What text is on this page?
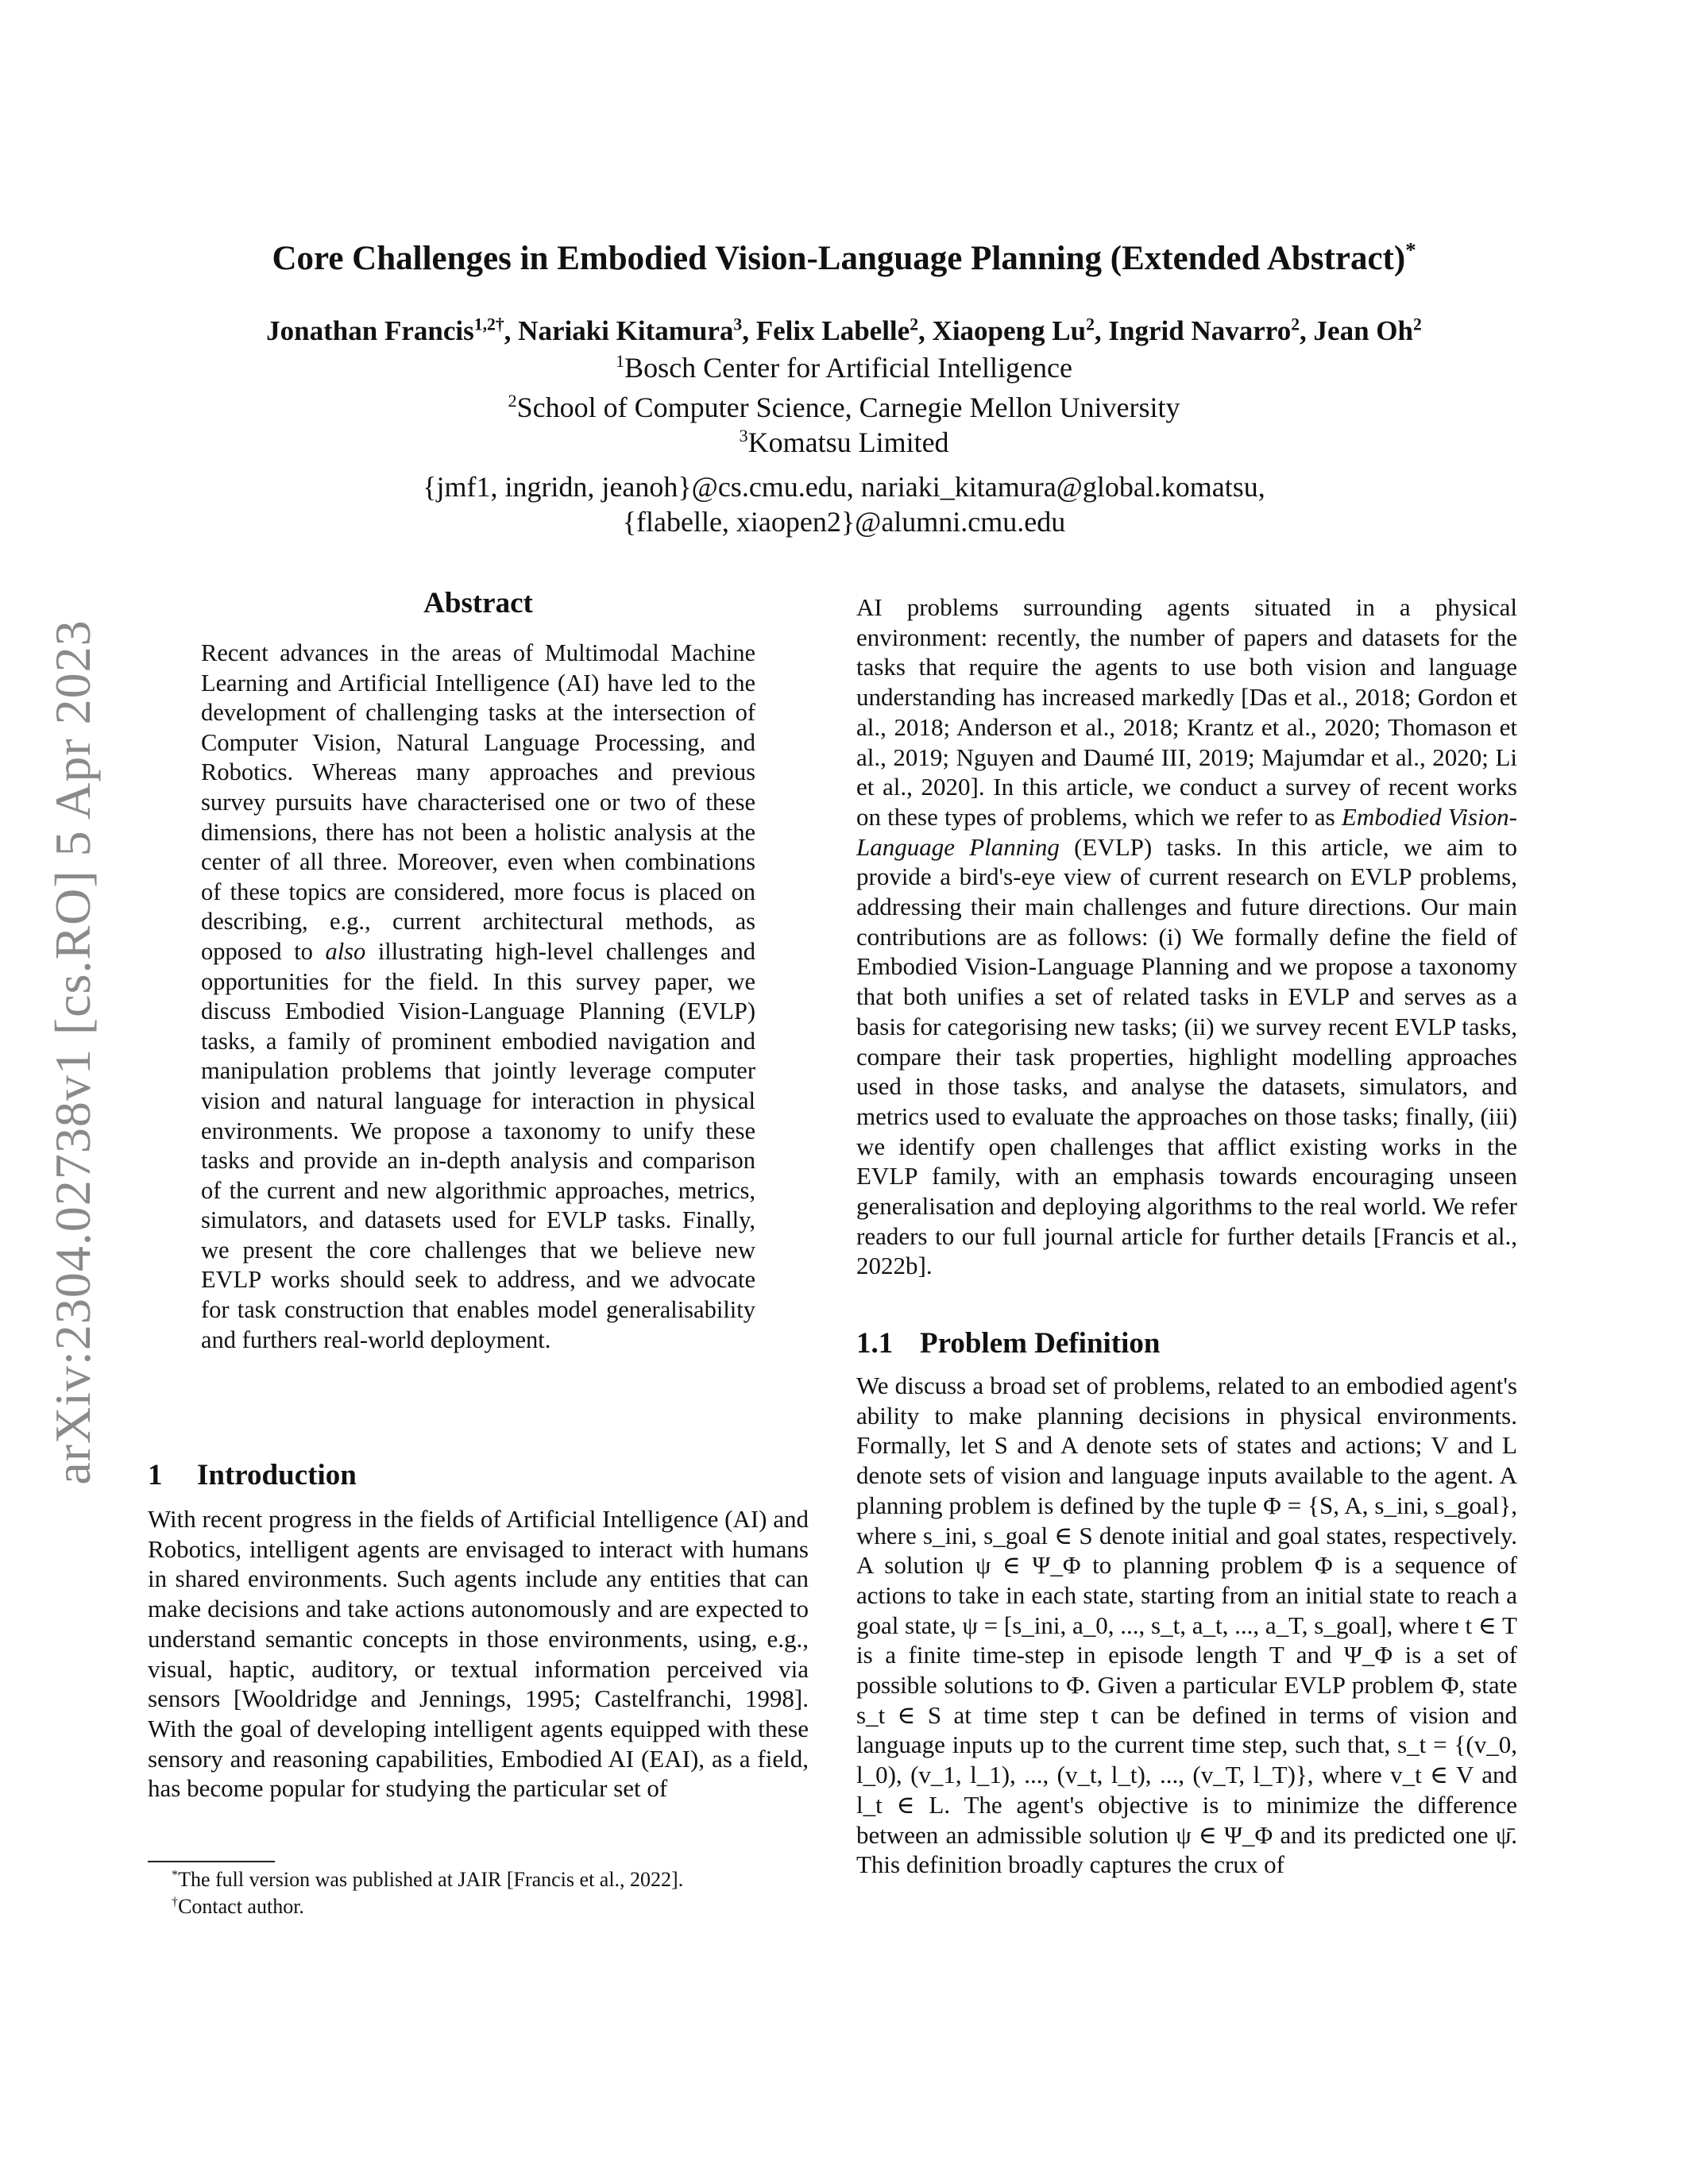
arXiv:2304.02738v1 [cs.RO] 5 Apr 2023
Core Challenges in Embodied Vision-Language Planning (Extended Abstract)*
Jonathan Francis$^{1,2\dagger}$, Nariaki Kitamura$^3$, Felix Labelle$^2$, Xiaopeng Lu$^2$, Ingrid Navarro$^2$, Jean Oh$^2$
$^1$Bosch Center for Artificial Intelligence
$^2$School of Computer Science, Carnegie Mellon University
$^3$Komatsu Limited
{jmf1, ingridn, jeanoh}@cs.cmu.edu, nariaki_kitamura@global.komatsu,
{flabelle, xiaopen2}@alumni.cmu.edu
Abstract

Recent advances in the areas of Multimodal Machine Learning and Artificial Intelligence (AI) have led to the development of challenging tasks at the intersection of Computer Vision, Natural Language Processing, and Robotics. Whereas many approaches and previous survey pursuits have characterised one or two of these dimensions, there has not been a holistic analysis at the center of all three. Moreover, even when combinations of these topics are considered, more focus is placed on describing, e.g., current architectural methods, as opposed to also illustrating high-level challenges and opportunities for the field. In this survey paper, we discuss Embodied Vision-Language Planning (EVLP) tasks, a family of prominent embodied navigation and manipulation problems that jointly leverage computer vision and natural language for interaction in physical environments. We propose a taxonomy to unify these tasks and provide an in-depth analysis and comparison of the current and new algorithmic approaches, metrics, simulators, and datasets used for EVLP tasks. Finally, we present the core challenges that we believe new EVLP works should seek to address, and we advocate for task construction that enables model generalisability and furthers real-world deployment.

1 Introduction

With recent progress in the fields of Artificial Intelligence (AI) and Robotics, intelligent agents are envisaged to interact with humans in shared environments. Such agents include any entities that can make decisions and take actions autonomously and are expected to understand semantic concepts in those environments, using, e.g., visual, haptic, auditory, or textual information perceived via sensors [Wooldridge and Jennings, 1995; Castelfranchi, 1998]. With the goal of developing intelligent agents equipped with these sensory and reasoning capabilities, Embodied AI (EAI), as a field, has become popular for studying the particular set of

*The full version was published at JAIR [Francis et al., 2022].
†Contact author.

AI problems surrounding agents situated in a physical environment: recently, the number of papers and datasets for the tasks that require the agents to use both vision and language understanding has increased markedly [Das et al., 2018; Gordon et al., 2018; Anderson et al., 2018; Krantz et al., 2020; Thomason et al., 2019; Nguyen and Daumé III, 2019; Majumdar et al., 2020; Li et al., 2020]. In this article, we conduct a survey of recent works on these types of problems, which we refer to as Embodied Vision-Language Planning (EVLP) tasks. In this article, we aim to provide a bird's-eye view of current research on EVLP problems, addressing their main challenges and future directions. Our main contributions are as follows: (i) We formally define the field of Embodied Vision-Language Planning and we propose a taxonomy that both unifies a set of related tasks in EVLP and serves as a basis for categorising new tasks; (ii) we survey recent EVLP tasks, compare their task properties, highlight modelling approaches used in those tasks, and analyse the datasets, simulators, and metrics used to evaluate the approaches on those tasks; finally, (iii) we identify open challenges that afflict existing works in the EVLP family, with an emphasis towards encouraging unseen generalisation and deploying algorithms to the real world. We refer readers to our full journal article for further details [Francis et al., 2022b].

1.1 Problem Definition

We discuss a broad set of problems, related to an embodied agent's ability to make planning decisions in physical environments. Formally, let S and A denote sets of states and actions; V and L denote sets of vision and language inputs available to the agent. A planning problem is defined by the tuple Φ = {S, A, s_ini, s_goal}, where s_ini, s_goal ∈ S denote initial and goal states, respectively. A solution ψ ∈ Ψ_Φ to planning problem Φ is a sequence of actions to take in each state, starting from an initial state to reach a goal state, ψ = [s_ini, a_0, ..., s_t, a_t, ..., a_T, s_goal], where t ∈ T is a finite time-step in episode length T and Ψ_Φ is a set of possible solutions to Φ. Given a particular EVLP problem Φ, state s_t ∈ S at time step t can be defined in terms of vision and language inputs up to the current time step, such that, s_t = {(v_0, l_0), (v_1, l_1), ..., (v_t, l_t), ..., (v_T, l_T)}, where v_t ∈ V and l_t ∈ L. The agent's objective is to minimize the difference between an admissible solution ψ ∈ Ψ_Φ and its predicted one ψ̄. This definition broadly captures the crux of
